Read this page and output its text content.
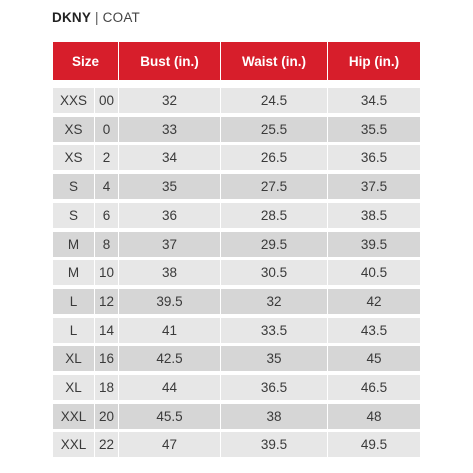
DKNY | COAT
Size	Bust (in.)	Waist (in.)	Hip (in.)
XXS 00	32	24.5	34.5
XS	0	33	25.5	35.5
XS	2	34	26.5	36.5
S	4	35	27.5	37.5
S	6	36	28.5	38.5
M	8	37	29.5	39.5
M	10	38	30.5	40.5
L	12	39.5	32	42
L	14	41	33.5	43.5
XL	16	42.5	35	45
XL	18	44	36.5	46.5
XXL 20	45.5	38	48
XXL 22	47	39.5	49.5
